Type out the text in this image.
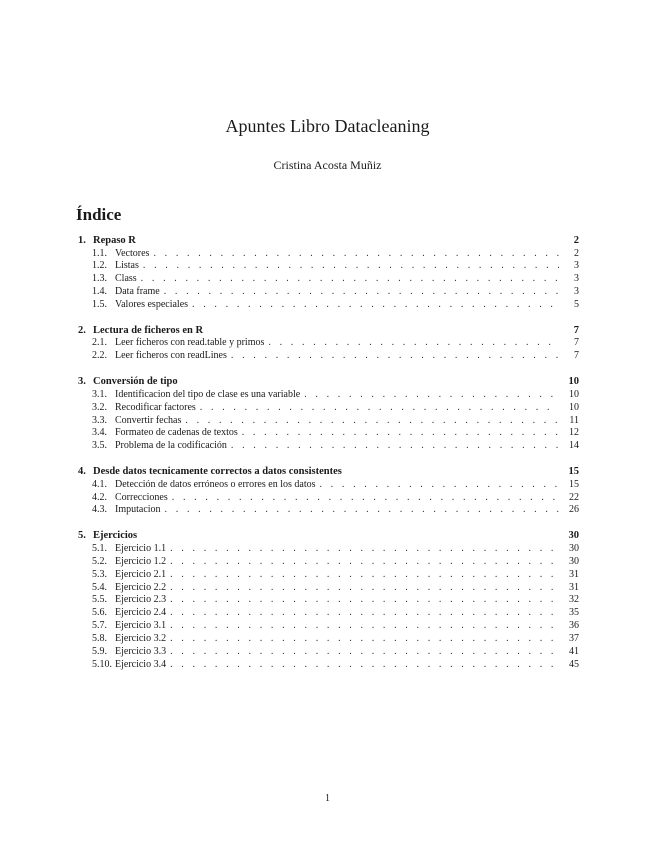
Apuntes Libro Datacleaning
Cristina Acosta Muñiz
Índice
1. Repaso R	2
1.1. Vectores . . .	2
1.2. Listas . . .	3
1.3. Class . . .	3
1.4. Data frame . . .	3
1.5. Valores especiales . . .	5
2. Lectura de ficheros en R	7
2.1. Leer ficheros con read.table y primos . . .	7
2.2. Leer ficheros con readLines . . .	7
3. Conversión de tipo	10
3.1. Identificacion del tipo de clase es una variable . . .	10
3.2. Recodificar factores . . .	10
3.3. Convertir fechas . . .	11
3.4. Formateo de cadenas de textos . . .	12
3.5. Problema de la codificación . . .	14
4. Desde datos tecnicamente correctos a datos consistentes	15
4.1. Detección de datos erróneos o errores en los datos . . .	15
4.2. Correcciones . . .	22
4.3. Imputacion . . .	26
5. Ejercicios	30
5.1. Ejercicio 1.1 . . .	30
5.2. Ejercicio 1.2 . . .	30
5.3. Ejercicio 2.1 . . .	31
5.4. Ejercicio 2.2 . . .	31
5.5. Ejercicio 2.3 . . .	32
5.6. Ejercicio 2.4 . . .	35
5.7. Ejercicio 3.1 . . .	36
5.8. Ejercicio 3.2 . . .	37
5.9. Ejercicio 3.3 . . .	41
5.10. Ejercicio 3.4 . . .	45
1
